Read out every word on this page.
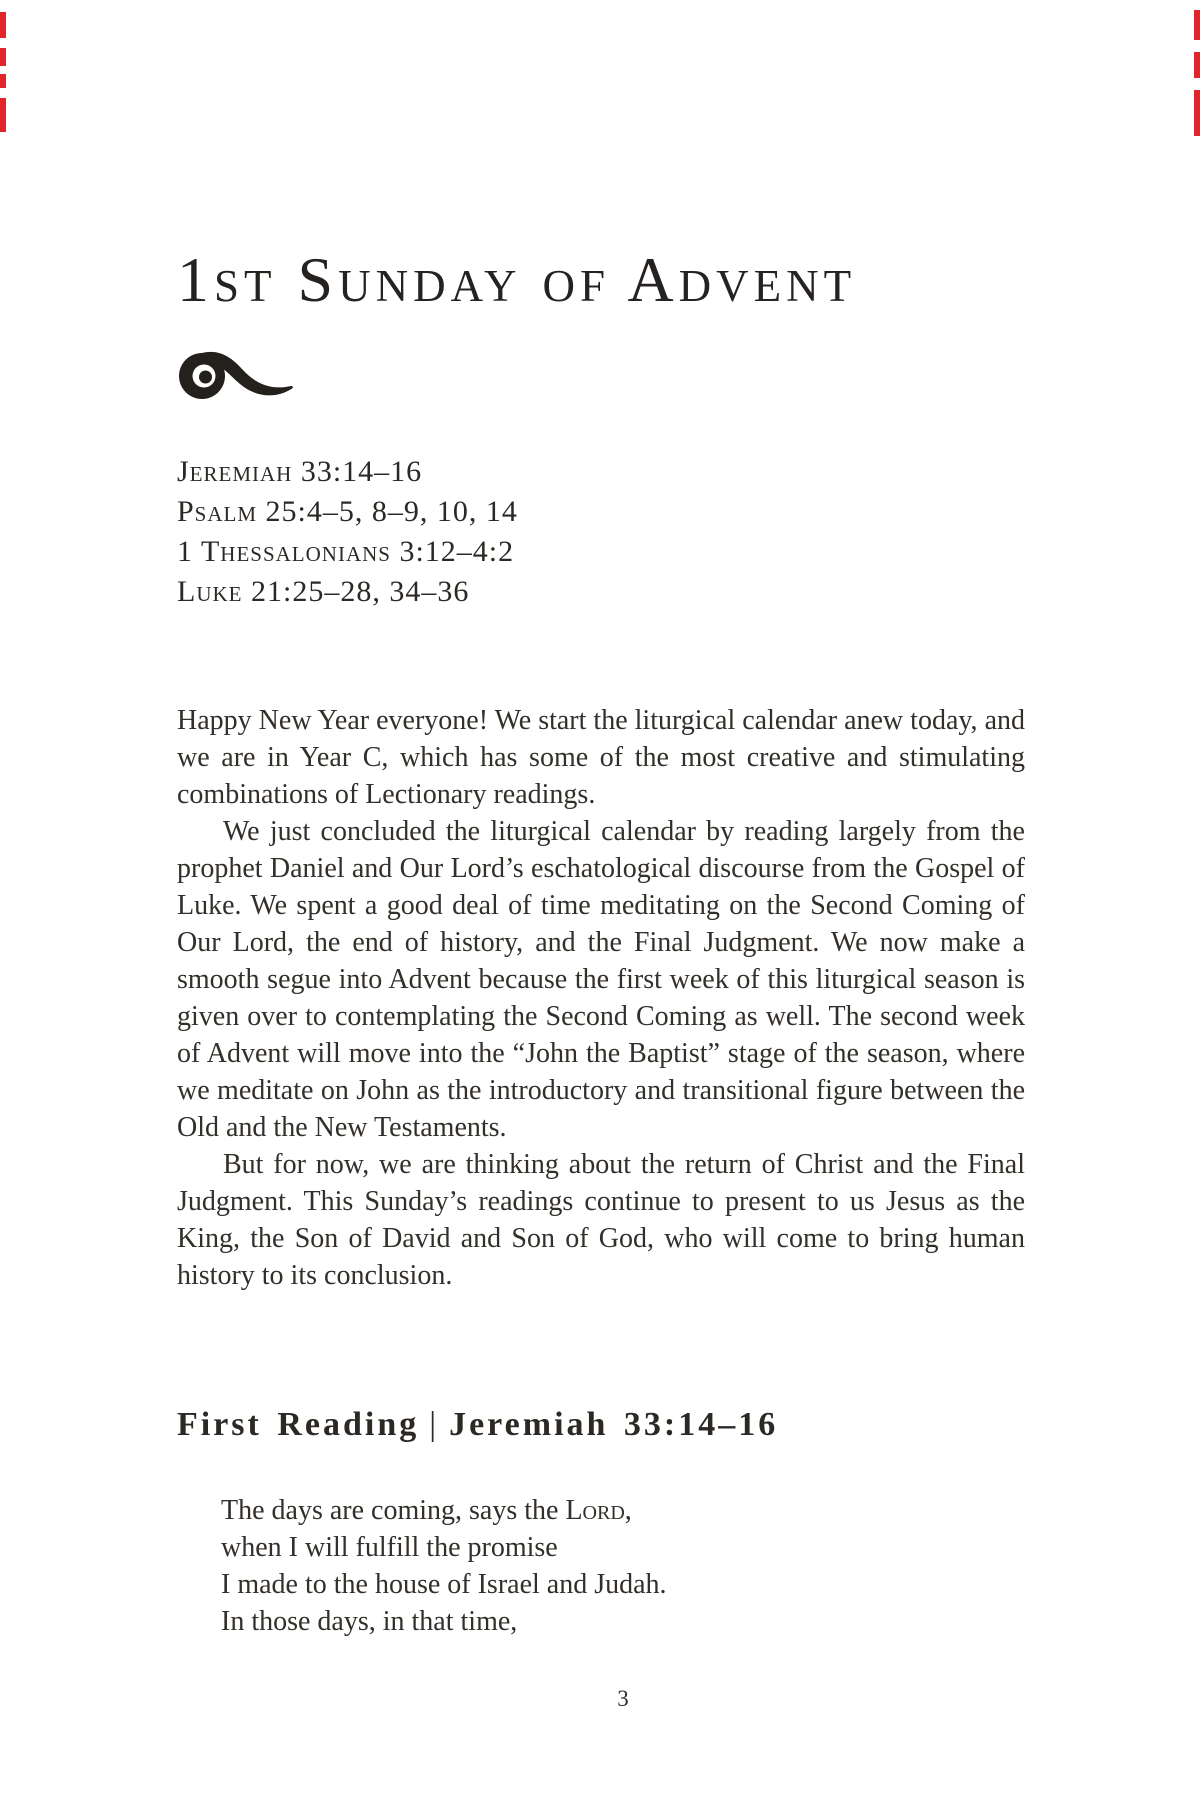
1st Sunday of Advent
Jeremiah 33:14–16
Psalm 25:4–5, 8–9, 10, 14
1 Thessalonians 3:12–4:2
Luke 21:25–28, 34–36

Happy New Year everyone! We start the liturgical calendar anew today, and we are in Year C, which has some of the most creative and stimulating combinations of Lectionary readings.

We just concluded the liturgical calendar by reading largely from the prophet Daniel and Our Lord’s eschatological discourse from the Gospel of Luke. We spent a good deal of time meditating on the Second Coming of Our Lord, the end of history, and the Final Judgment. We now make a smooth segue into Advent because the first week of this liturgical season is given over to contemplating the Second Coming as well. The second week of Advent will move into the “John the Baptist” stage of the season, where we meditate on John as the introductory and transitional figure between the Old and the New Testaments.

But for now, we are thinking about the return of Christ and the Final Judgment. This Sunday’s readings continue to present to us Jesus as the King, the Son of David and Son of God, who will come to bring human history to its conclusion.

First Reading | Jeremiah 33:14–16
The days are coming, says the Lord,
when I will fulfill the promise
I made to the house of Israel and Judah.
In those days, in that time,
3
